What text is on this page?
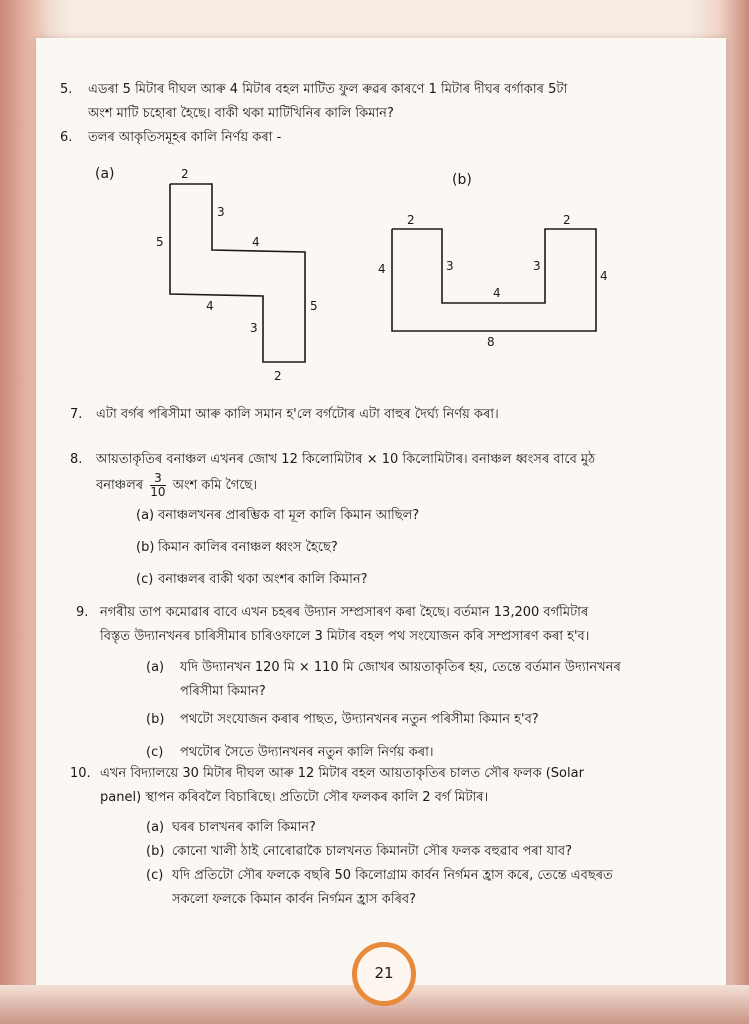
5. এডৰা 5 মিটাৰ দীঘল আৰু 4 মিটাৰ বহল মাটিত ফুল ৰুৱৰ কাৰণে 1 মিটাৰ দীঘৰ বৰ্গাকাৰ 5টা
অংশ মাটি চহোৰা হৈছে। বাকী থকা মাটিখিনিৰ কালি কিমান?
6. তলৰ আকৃতিসমূহৰ কালি নিৰ্ণয় কৰা -
(a)	2
3
5	4
4
3
5
2
(b)
2	2
4	3	3
4
4
8
7. এটা বৰ্গৰ পৰিসীমা আৰু কালি সমান হ'লে বৰ্গটোৰ এটা বাহুৰ দৈৰ্ঘ্য নিৰ্ণয় কৰা।
8. আয়তাকৃতিৰ বনাঞ্চল এখনৰ জোখ 12 কিলোমিটাৰ × 10 কিলোমিটাৰ। বনাঞ্চল ধ্বংসৰ বাবে মুঠ
বনাঞ্চলৰ $\frac{3}{10}$ অংশ কমি গৈছে।
(a) বনাঞ্চলখনৰ প্ৰাৰম্ভিক বা মূল কালি কিমান আছিল?
(b) কিমান কালিৰ বনাঞ্চল ধ্বংস হৈছে?
(c) বনাঞ্চলৰ বাকী থকা অংশৰ কালি কিমান?
9. নগৰীয় তাপ কমোৱাৰ বাবে এখন চহৰৰ উদ্যান সম্প্ৰসাৰণ কৰা হৈছে। বৰ্তমান 13,200 বৰ্গমিটাৰ
বিস্তৃত উদ্যানখনৰ চাৰিসীমাৰ চাৰিওফালে 3 মিটাৰ বহল পথ সংযোজন কৰি সম্প্ৰসাৰণ কৰা হ'ব।
(a) যদি উদ্যানখন 120 মি × 110 মি জোখৰ আয়তাকৃতিৰ হয়, তেন্তে বৰ্তমান উদ্যানখনৰ
পৰিসীমা কিমান?
(b) পথটো সংযোজন কৰাৰ পাছত, উদ্যানখনৰ নতুন পৰিসীমা কিমান হ'ব?
(c) পথটোৰ সৈতে উদ্যানখনৰ নতুন কালি নিৰ্ণয় কৰা।
10. এখন বিদ্যালয়ে 30 মিটাৰ দীঘল আৰু 12 মিটাৰ বহল আয়তাকৃতিৰ চালত সৌৰ ফলক (Solar
panel) স্থাপন কৰিবলৈ বিচাৰিছে। প্ৰতিটো সৌৰ ফলকৰ কালি 2 বৰ্গ মিটাৰ।
(a) ঘৰৰ চালখনৰ কালি কিমান?
(b) কোনো খালী ঠাই নোৰোৱাকৈ চালখনত কিমানটা সৌৰ ফলক বহুৱাব পৰা যাব?
(c) যদি প্ৰতিটো সৌৰ ফলকে বছৰি 50 কিলোগ্ৰাম কাৰ্বন নিৰ্গমন হ্ৰাস কৰে, তেন্তে এবছৰত
সকলো ফলকে কিমান কাৰ্বন নিৰ্গমন হ্ৰাস কৰিব?
21
